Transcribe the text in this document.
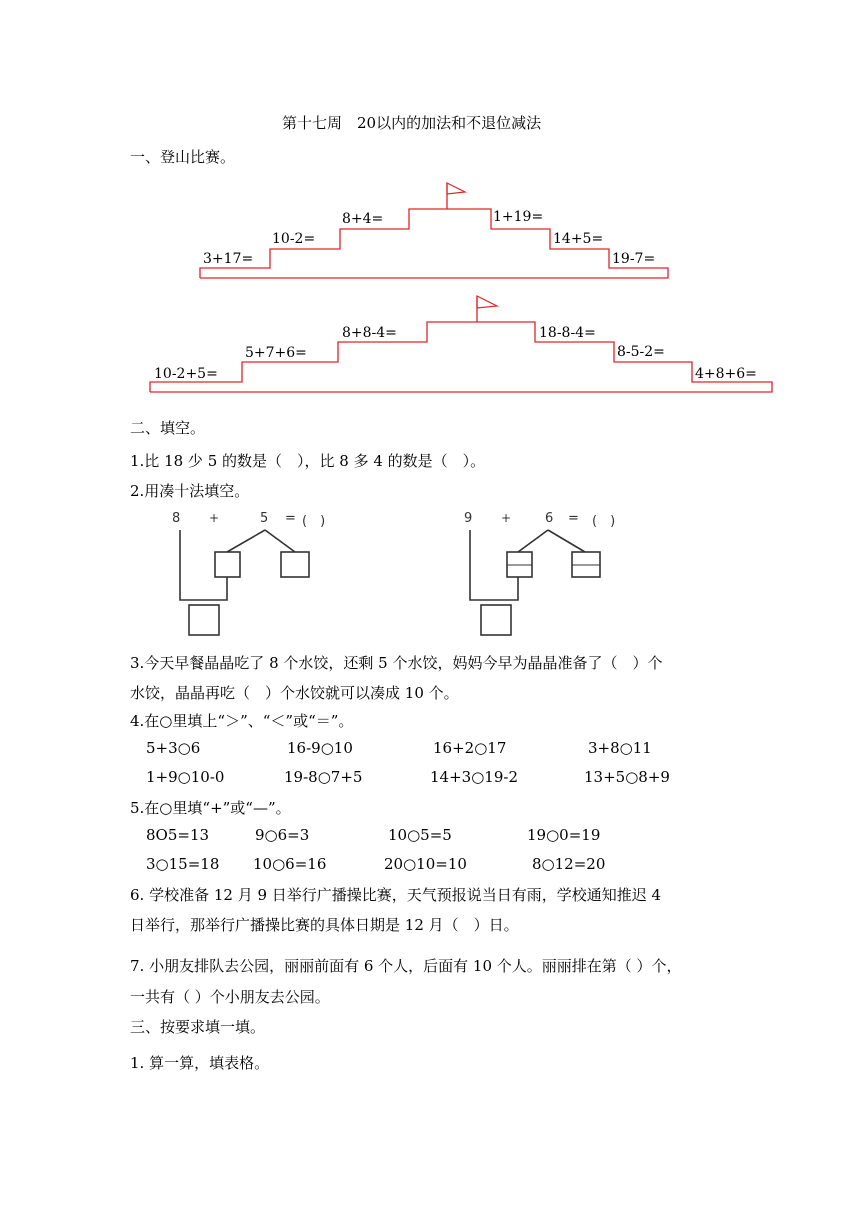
第十七周　20以内的加法和不退位减法
一、登山比赛。
3+17=
10-2=
8+4=	1+19=
14+5=
19-7=
10-2+5=
5+7+6=
8+8-4=	18-8-4=
8-5-2=
4+8+6=
二、填空。
1.比 18 少 5 的数是（　），比 8 多 4 的数是（　）。
2.用凑十法填空。
8 +	5 = (　)	9 +	6 = (　)
3.今天早餐晶晶吃了 8 个水饺，还剩 5 个水饺，妈妈今早为晶晶准备了（　）个
水饺，晶晶再吃（　）个水饺就可以凑成 10 个。
4.在○里填上“＞”、“＜”或“＝”。
5+3○6	16-9○10	16+2○17	3+8○11
1+9○10-0	19-8○7+5	14+3○19-2	13+5○8+9
5.在○里填“+”或“—”。
8O5=13	9○6=3	10○5=5	19○0=19
3○15=18 10○6=16	20○10=10	8○12=20
6. 学校准备 12 月 9 日举行广播操比赛，天气预报说当日有雨，学校通知推迟 4
日举行，那举行广播操比赛的具体日期是 12 月（　）日。
7. 小朋友排队去公园，丽丽前面有 6 个人，后面有 10 个人。丽丽排在第（ ）个，
一共有（ ）个小朋友去公园。
三、按要求填一填。
1. 算一算，填表格。
